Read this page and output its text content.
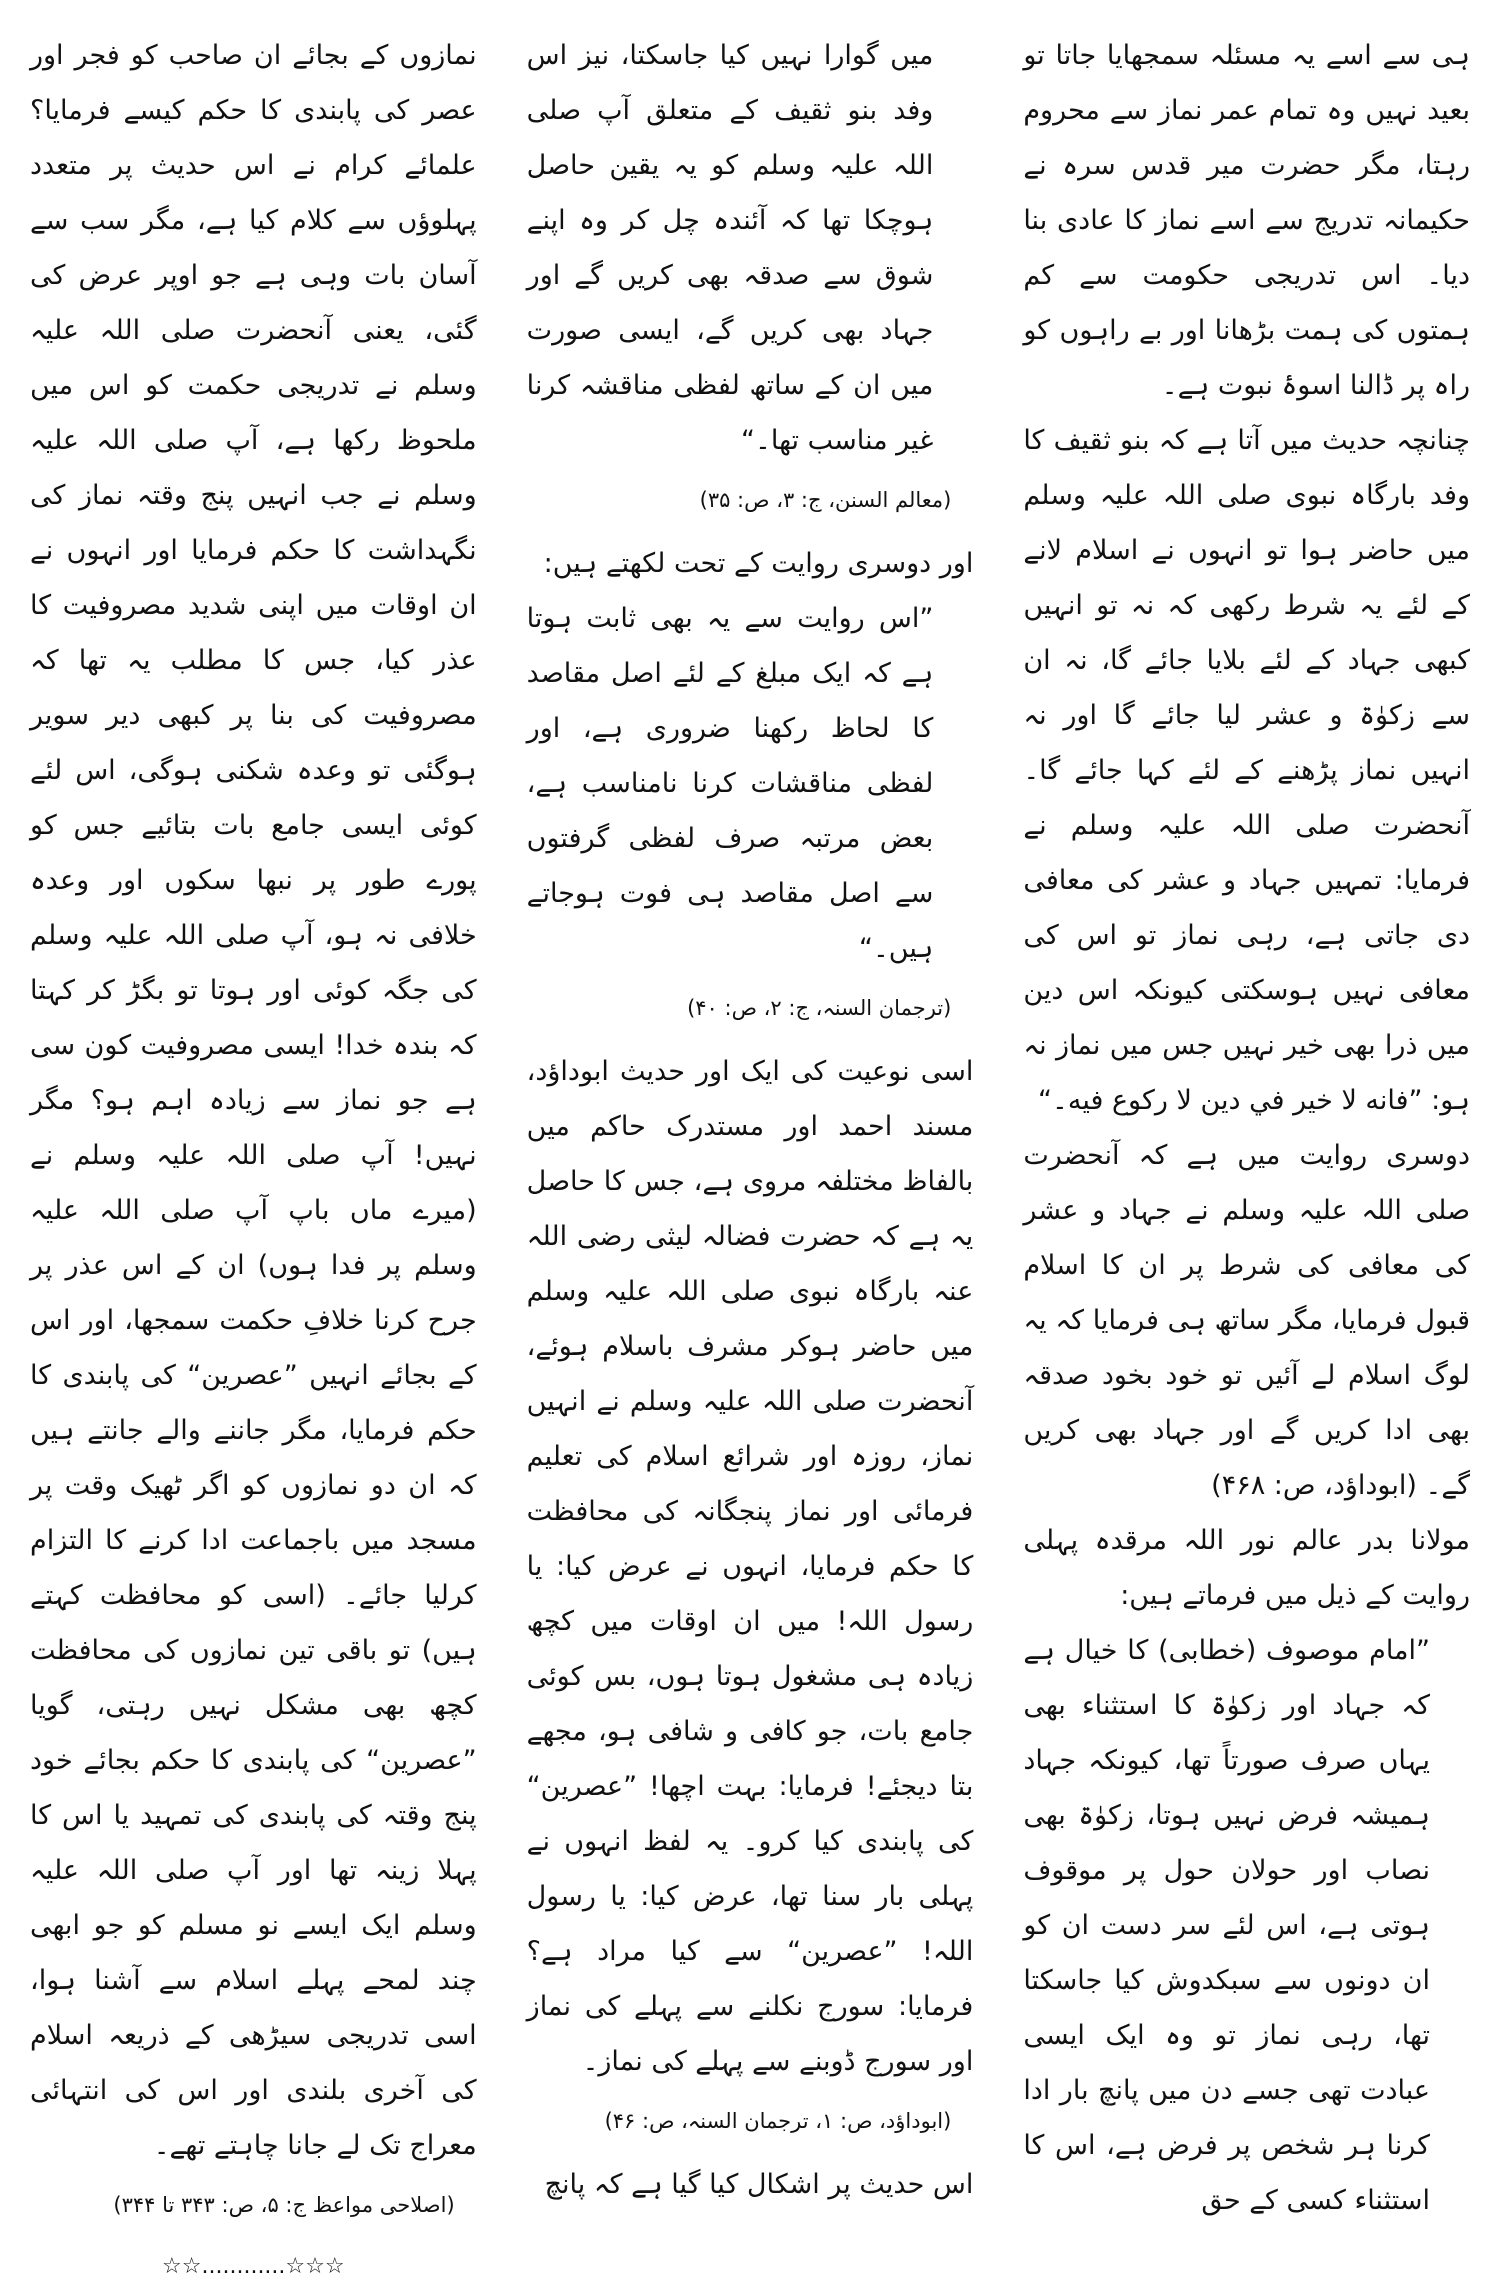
ہی سے اسے یہ مسئلہ سمجھایا جاتا تو بعید نہیں وہ تمام عمر نماز سے محروم رہتا، مگر حضرت میر قدس سرہ نے حکیمانہ تدریج سے اسے نماز کا عادی بنا دیا۔ اس تدریجی حکومت سے کم ہمتوں کی ہمت بڑھانا اور بے راہوں کو راہ پر ڈالنا اسوۂ نبوت ہے۔

چنانچہ حدیث میں آتا ہے کہ بنو ثقیف کا وفد بارگاہ نبوی صلی اللہ علیہ وسلم میں حاضر ہوا تو انہوں نے اسلام لانے کے لئے یہ شرط رکھی کہ نہ تو انہیں کبھی جہاد کے لئے بلایا جائے گا، نہ ان سے زکوٰۃ و عشر لیا جائے گا اور نہ انہیں نماز پڑھنے کے لئے کہا جائے گا۔ آنحضرت صلی اللہ علیہ وسلم نے فرمایا: تمہیں جہاد و عشر کی معافی دی جاتی ہے، رہی نماز تو اس کی معافی نہیں ہوسکتی کیونکہ اس دین میں ذرا بھی خیر نہیں جس میں نماز نہ ہو: ”فانه لا خير في دين لا ركوع فيه۔“

دوسری روایت میں ہے کہ آنحضرت صلی اللہ علیہ وسلم نے جہاد و عشر کی معافی کی شرط پر ان کا اسلام قبول فرمایا، مگر ساتھ ہی فرمایا کہ یہ لوگ اسلام لے آئیں تو خود بخود صدقہ بھی ادا کریں گے اور جہاد بھی کریں گے۔ (ابوداؤد، ص: ۴۶۸)

مولانا بدر عالم نور اللہ مرقدہ پہلی روایت کے ذیل میں فرماتے ہیں:

”امام موصوف (خطابی) کا خیال ہے کہ جہاد اور زکوٰۃ کا استثناء بھی یہاں صرف صورتاً تھا، کیونکہ جہاد ہمیشہ فرض نہیں ہوتا، زکوٰۃ بھی نصاب اور حولان حول پر موقوف ہوتی ہے، اس لئے سر دست ان کو ان دونوں سے سبکدوش کیا جاسکتا تھا، رہی نماز تو وہ ایک ایسی عبادت تھی جسے دن میں پانچ بار ادا کرنا ہر شخص پر فرض ہے، اس کا استثناء کسی کے حق

میں گوارا نہیں کیا جاسکتا، نیز اس وفد بنو ثقیف کے متعلق آپ صلی اللہ علیہ وسلم کو یہ یقین حاصل ہوچکا تھا کہ آئندہ چل کر وہ اپنے شوق سے صدقہ بھی کریں گے اور جہاد بھی کریں گے، ایسی صورت میں ان کے ساتھ لفظی مناقشہ کرنا غیر مناسب تھا۔“

(معالم السنن، ج: ۳، ص: ۳۵)

اور دوسری روایت کے تحت لکھتے ہیں:

”اس روایت سے یہ بھی ثابت ہوتا ہے کہ ایک مبلغ کے لئے اصل مقاصد کا لحاظ رکھنا ضروری ہے، اور لفظی مناقشات کرنا نامناسب ہے، بعض مرتبہ صرف لفظی گرفتوں سے اصل مقاصد ہی فوت ہوجاتے ہیں۔“

(ترجمان السنہ، ج: ۲، ص: ۴۰)

اسی نوعیت کی ایک اور حدیث ابوداؤد، مسند احمد اور مستدرک حاکم میں بالفاظ مختلفہ مروی ہے، جس کا حاصل یہ ہے کہ حضرت فضالہ لیثی رضی اللہ عنہ بارگاہ نبوی صلی اللہ علیہ وسلم میں حاضر ہوکر مشرف باسلام ہوئے، آنحضرت صلی اللہ علیہ وسلم نے انہیں نماز، روزہ اور شرائع اسلام کی تعلیم فرمائی اور نماز پنجگانہ کی محافظت کا حکم فرمایا، انہوں نے عرض کیا: یا رسول اللہ! میں ان اوقات میں کچھ زیادہ ہی مشغول ہوتا ہوں، بس کوئی جامع بات، جو کافی و شافی ہو، مجھے بتا دیجئے! فرمایا: بہت اچھا! ”عصرین“ کی پابندی کیا کرو۔ یہ لفظ انہوں نے پہلی بار سنا تھا، عرض کیا: یا رسول اللہ! ”عصرین“ سے کیا مراد ہے؟ فرمایا: سورج نکلنے سے پہلے کی نماز اور سورج ڈوبنے سے پہلے کی نماز۔

(ابوداؤد، ص: ۱، ترجمان السنہ، ص: ۴۶)

اس حدیث پر اشکال کیا گیا ہے کہ پانچ

نمازوں کے بجائے ان صاحب کو فجر اور عصر کی پابندی کا حکم کیسے فرمایا؟ علمائے کرام نے اس حدیث پر متعدد پہلوؤں سے کلام کیا ہے، مگر سب سے آسان بات وہی ہے جو اوپر عرض کی گئی، یعنی آنحضرت صلی اللہ علیہ وسلم نے تدریجی حکمت کو اس میں ملحوظ رکھا ہے، آپ صلی اللہ علیہ وسلم نے جب انہیں پنج وقتہ نماز کی نگہداشت کا حکم فرمایا اور انہوں نے ان اوقات میں اپنی شدید مصروفیت کا عذر کیا، جس کا مطلب یہ تھا کہ مصروفیت کی بنا پر کبھی دیر سویر ہوگئی تو وعدہ شکنی ہوگی، اس لئے کوئی ایسی جامع بات بتائیے جس کو پورے طور پر نبھا سکوں اور وعدہ خلافی نہ ہو، آپ صلی اللہ علیہ وسلم کی جگہ کوئی اور ہوتا تو بگڑ کر کہتا کہ بندہ خدا! ایسی مصروفیت کون سی ہے جو نماز سے زیادہ اہم ہو؟ مگر نہیں! آپ صلی اللہ علیہ وسلم نے (میرے ماں باپ آپ صلی اللہ علیہ وسلم پر فدا ہوں) ان کے اس عذر پر جرح کرنا خلافِ حکمت سمجھا، اور اس کے بجائے انہیں ”عصرین“ کی پابندی کا حکم فرمایا، مگر جاننے والے جانتے ہیں کہ ان دو نمازوں کو اگر ٹھیک وقت پر مسجد میں باجماعت ادا کرنے کا التزام کرلیا جائے۔ (اسی کو محافظت کہتے ہیں) تو باقی تین نمازوں کی محافظت کچھ بھی مشکل نہیں رہتی، گویا ”عصرین“ کی پابندی کا حکم بجائے خود پنج وقتہ کی پابندی کی تمہید یا اس کا پہلا زینہ تھا اور آپ صلی اللہ علیہ وسلم ایک ایسے نو مسلم کو جو ابھی چند لمحے پہلے اسلام سے آشنا ہوا، اسی تدریجی سیڑھی کے ذریعہ اسلام کی آخری بلندی اور اس کی انتہائی معراج تک لے جانا چاہتے تھے۔

(اصلاحی مواعظ ج: ۵، ص: ۳۴۳ تا ۳۴۴)

☆☆............☆☆☆
